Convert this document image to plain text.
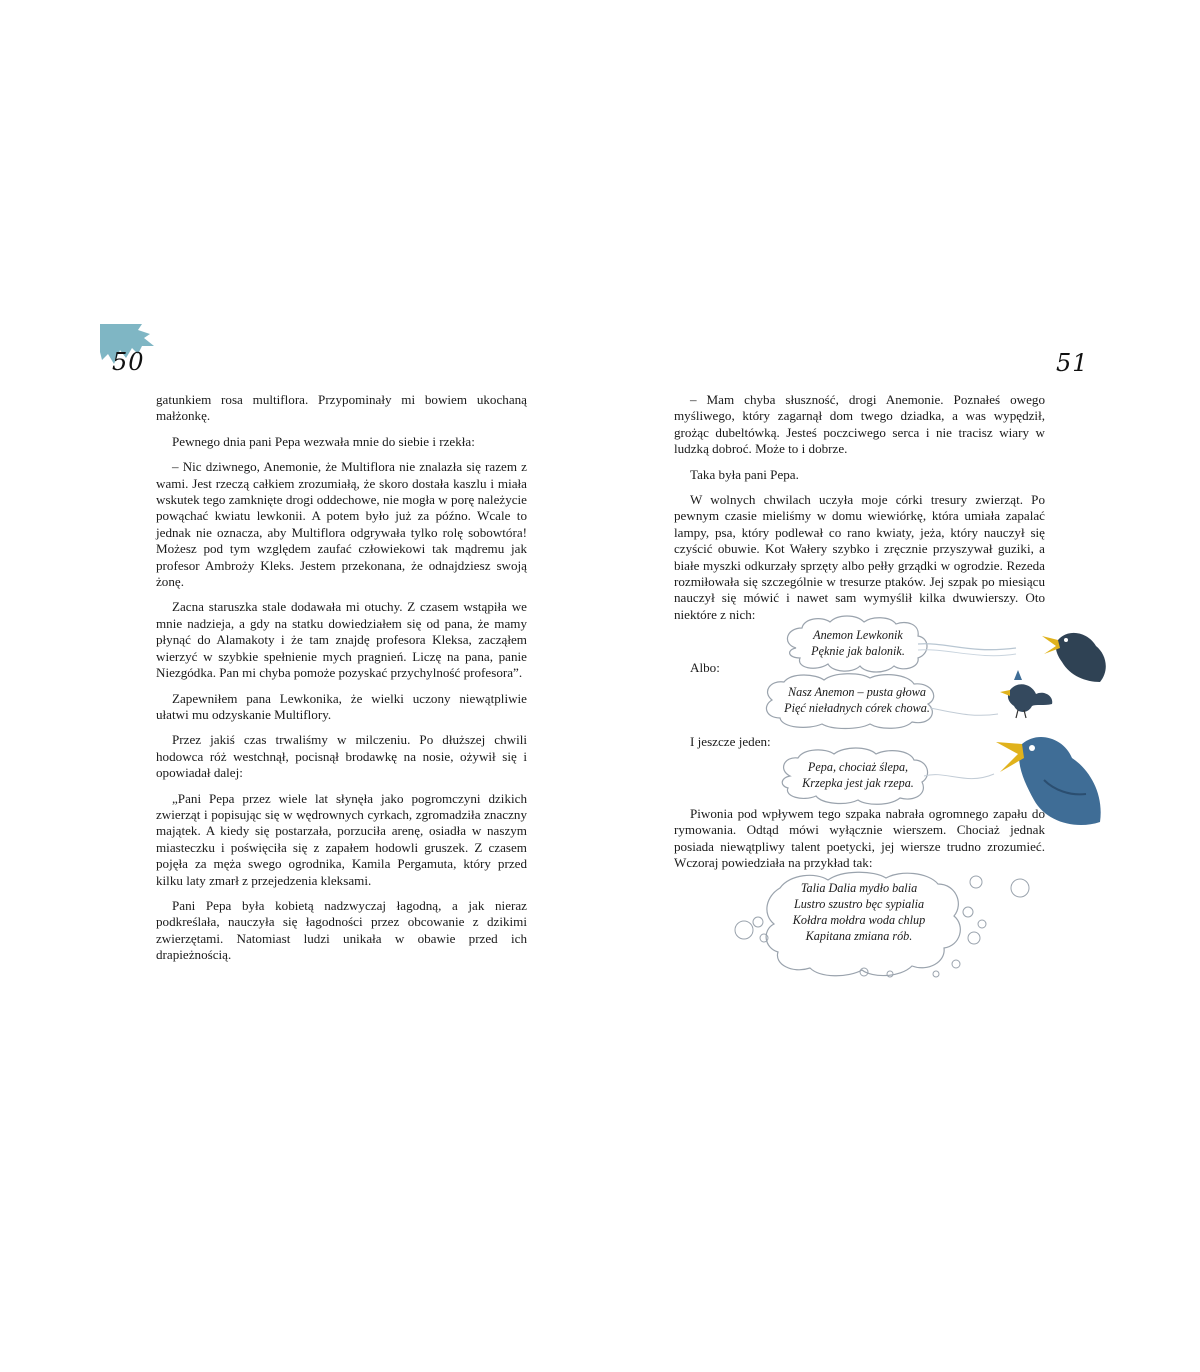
50

gatunkiem rosa multiflora. Przypominały mi bowiem ukochaną małżonkę.

Pewnego dnia pani Pepa wezwała mnie do siebie i rzekła:

– Nic dziwnego, Anemonie, że Multiflora nie znalazła się razem z wami. Jest rzeczą całkiem zrozumiałą, że skoro dostała kaszlu i miała wskutek tego zamknięte drogi oddechowe, nie mogła w porę należycie powąchać kwiatu lewkonii. A potem było już za późno. Wcale to jednak nie oznacza, aby Multiflora odgrywała tylko rolę sobowtóra! Możesz pod tym względem zaufać człowiekowi tak mądremu jak profesor Ambroży Kleks. Jestem przekonana, że odnajdziesz swoją żonę.

Zacna staruszka stale dodawała mi otuchy. Z czasem wstąpiła we mnie nadzieja, a gdy na statku dowiedziałem się od pana, że mamy płynąć do Alamakoty i że tam znajdę profesora Kleksa, zacząłem wierzyć w szybkie spełnienie mych pragnień. Liczę na pana, panie Niezgódka. Pan mi chyba pomoże pozyskać przychylność profesora”.

Zapewniłem pana Lewkonika, że wielki uczony niewątpliwie ułatwi mu odzyskanie Multiflory.

Przez jakiś czas trwaliśmy w milczeniu. Po dłuższej chwili hodowca róż westchnął, pocisnął brodawkę na nosie, ożywił się i opowiadał dalej:

„Pani Pepa przez wiele lat słynęła jako pogromczyni dzikich zwierząt i popisując się w wędrownych cyrkach, zgromadziła znaczny majątek. A kiedy się postarzała, porzuciła arenę, osiadła w naszym miasteczku i poświęciła się z zapałem hodowli gruszek. Z czasem pojęła za męża swego ogrodnika, Kamila Pergamuta, który przed kilku laty zmarł z przejedzenia kleksami.

Pani Pepa była kobietą nadzwyczaj łagodną, a jak nieraz podkreślała, nauczyła się łagodności przez obcowanie z dzikimi zwierzętami. Natomiast ludzi unikała w obawie przed ich drapieżnością.

51

– Mam chyba słuszność, drogi Anemonie. Poznałeś owego myśliwego, który zagarnął dom twego dziadka, a was wypędził, grożąc dubeltówką. Jesteś poczciwego serca i nie tracisz wiary w ludzką dobroć. Może to i dobrze.

Taka była pani Pepa.

W wolnych chwilach uczyła moje córki tresury zwierząt. Po pewnym czasie mieliśmy w domu wiewiórkę, która umiała zapalać lampy, psa, który podlewał co rano kwiaty, jeża, który nauczył się czyścić obuwie. Kot Wałery szybko i zręcznie przyszywał guziki, a białe myszki odkurzały sprzęty albo pełły grządki w ogrodzie. Rezeda rozmiłowała się szczególnie w tresurze ptaków. Jej szpak po miesiącu nauczył się mówić i nawet sam wymyślił kilka dwuwierszy. Oto niektóre z nich:

Anemon Lewkonik
Pęknie jak balonik.
Albo:
Nasz Anemon – pusta głowa
Pięć nieładnych córek chowa.
I jeszcze jeden:
Pepa, chociaż ślepa,
Krzepka jest jak rzepa.

Piwonia pod wpływem tego szpaka nabrała ogromnego zapału do rymowania. Odtąd mówi wyłącznie wierszem. Chociaż jednak posiada niewątpliwy talent poetycki, jej wiersze trudno zrozumieć. Wczoraj powiedziała na przykład tak:

Talia Dalia mydło balia
Lustro szustro bęc sypialia
Kołdra mołdra woda chlup
Kapitana zmiana rób.
